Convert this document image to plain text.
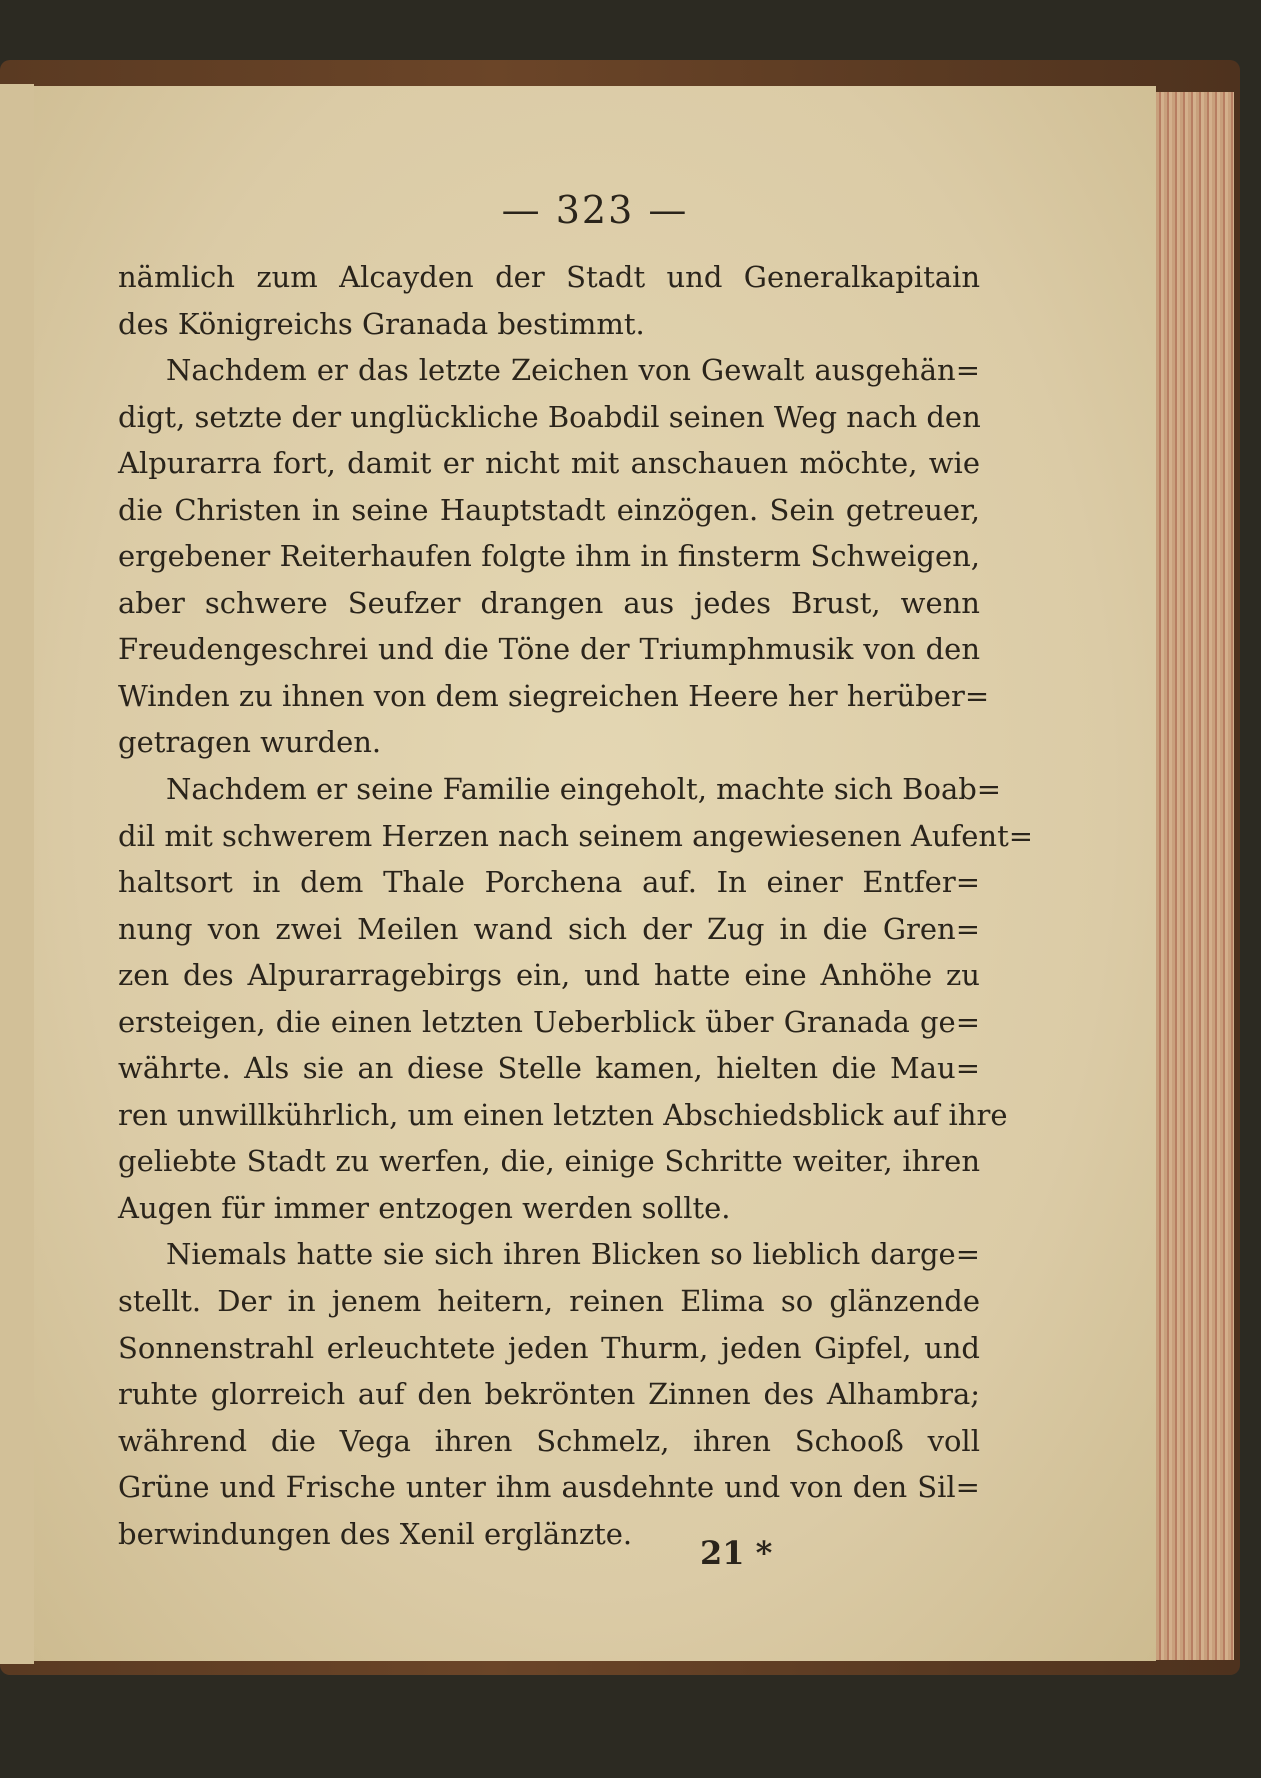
— 323 —
nämlich zum Alcayden der Stadt und Generalkapitain
des Königreichs Granada bestimmt.
Nachdem er das letzte Zeichen von Gewalt ausgehän=
digt, setzte der unglückliche Boabdil seinen Weg nach den
Alpurarra fort, damit er nicht mit anschauen möchte, wie
die Christen in seine Hauptstadt einzögen. Sein getreuer,
ergebener Reiterhaufen folgte ihm in finsterm Schweigen,
aber schwere Seufzer drangen aus jedes Brust, wenn
Freudengeschrei und die Töne der Triumphmusik von den
Winden zu ihnen von dem siegreichen Heere her herüber=
getragen wurden.
Nachdem er seine Familie eingeholt, machte sich Boab=
dil mit schwerem Herzen nach seinem angewiesenen Aufent=
haltsort in dem Thale Porchena auf. In einer Entfer=
nung von zwei Meilen wand sich der Zug in die Gren=
zen des Alpurarragebirgs ein, und hatte eine Anhöhe zu
ersteigen, die einen letzten Ueberblick über Granada ge=
währte. Als sie an diese Stelle kamen, hielten die Mau=
ren unwillkührlich, um einen letzten Abschiedsblick auf ihre
geliebte Stadt zu werfen, die, einige Schritte weiter, ihren
Augen für immer entzogen werden sollte.
Niemals hatte sie sich ihren Blicken so lieblich darge=
stellt. Der in jenem heitern, reinen Elima so glänzende
Sonnenstrahl erleuchtete jeden Thurm, jeden Gipfel, und
ruhte glorreich auf den bekrönten Zinnen des Alhambra;
während die Vega ihren Schmelz, ihren Schooß voll
Grüne und Frische unter ihm ausdehnte und von den Sil=
berwindungen des Xenil erglänzte.
21 *
